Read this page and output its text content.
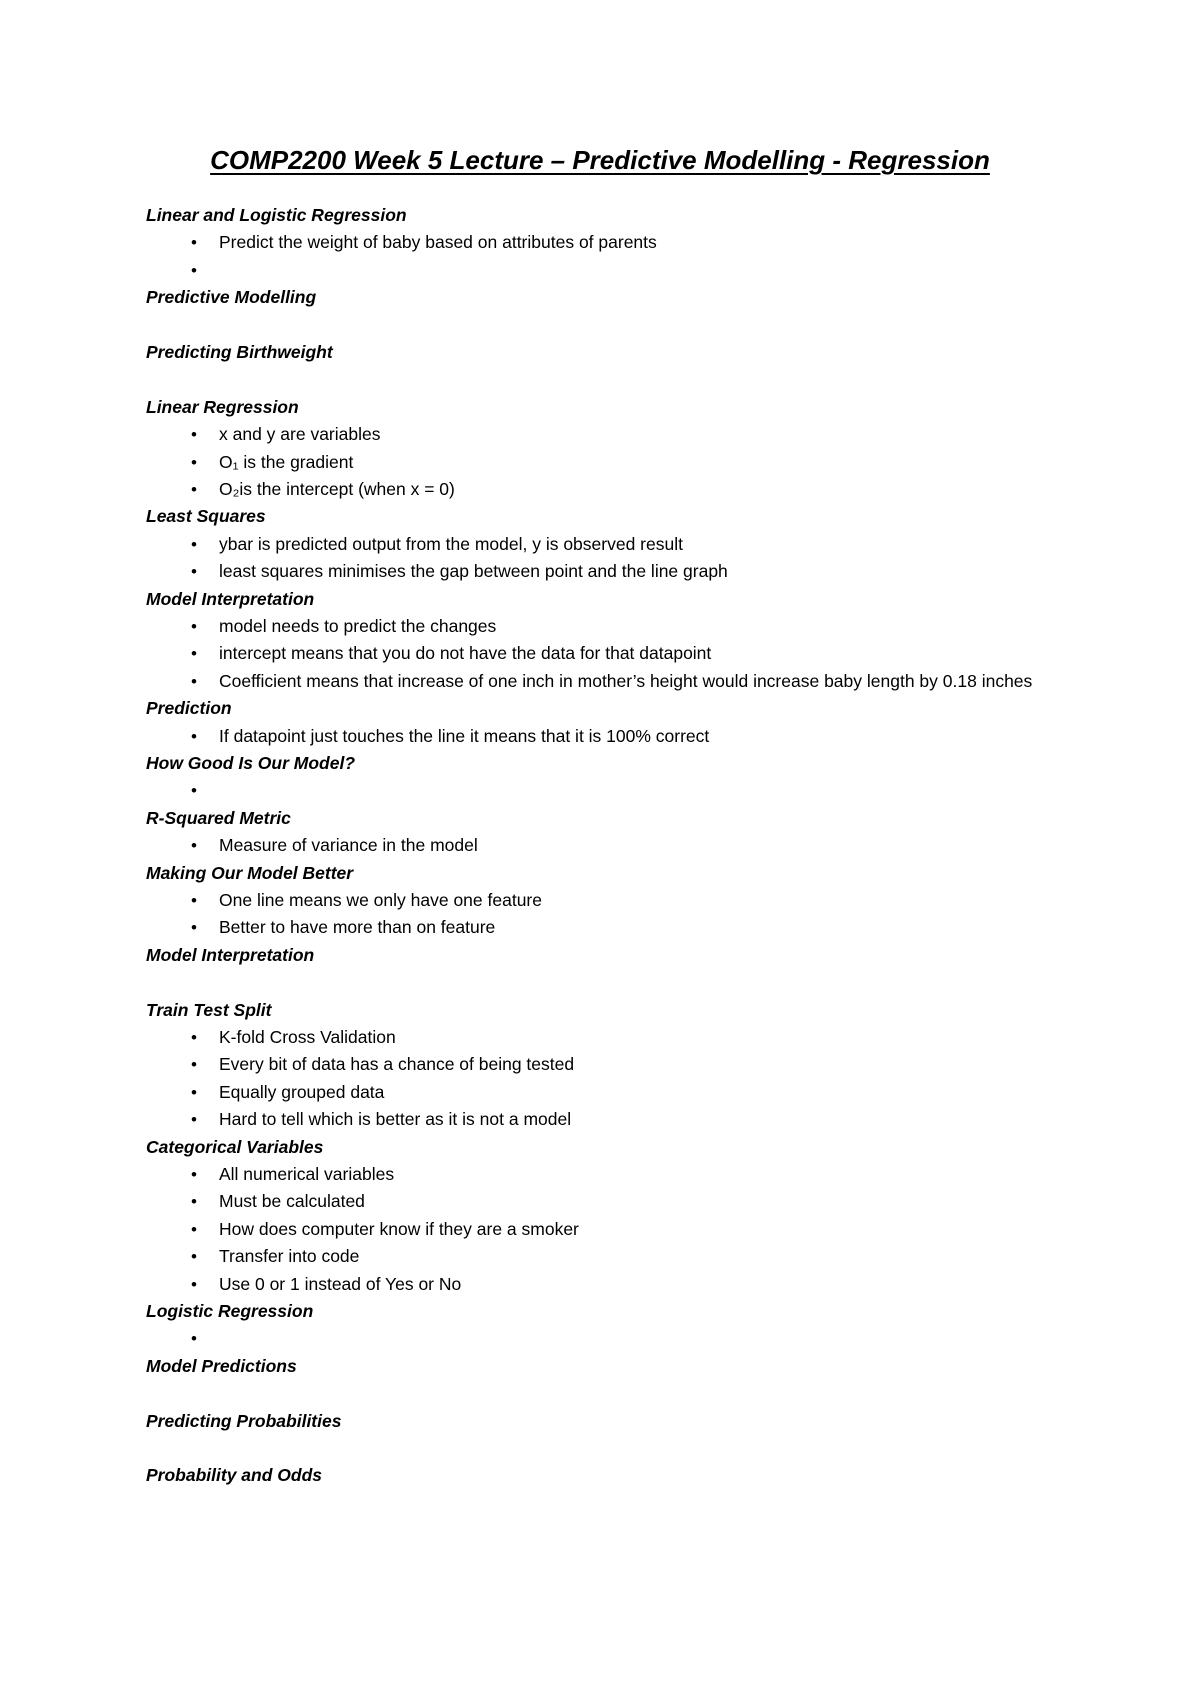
COMP2200 Week 5 Lecture – Predictive Modelling - Regression
Linear and Logistic Regression
• Predict the weight of baby based on attributes of parents
•
Predictive Modelling
Predicting Birthweight
Linear Regression
• x and y are variables
• O₁ is the gradient
• O₂is the intercept (when x = 0)
Least Squares
• ybar is predicted output from the model, y is observed result
• least squares minimises the gap between point and the line graph
Model Interpretation
• model needs to predict the changes
• intercept means that you do not have the data for that datapoint
• Coefficient means that increase of one inch in mother’s height would increase baby length by 0.18 inches
Prediction
• If datapoint just touches the line it means that it is 100% correct
How Good Is Our Model?
•
R-Squared Metric
• Measure of variance in the model
Making Our Model Better
• One line means we only have one feature
• Better to have more than on feature
Model Interpretation
Train Test Split
• K-fold Cross Validation
• Every bit of data has a chance of being tested
• Equally grouped data
• Hard to tell which is better as it is not a model
Categorical Variables
• All numerical variables
• Must be calculated
• How does computer know if they are a smoker
• Transfer into code
• Use 0 or 1 instead of Yes or No
Logistic Regression
•
Model Predictions
Predicting Probabilities
Probability and Odds
